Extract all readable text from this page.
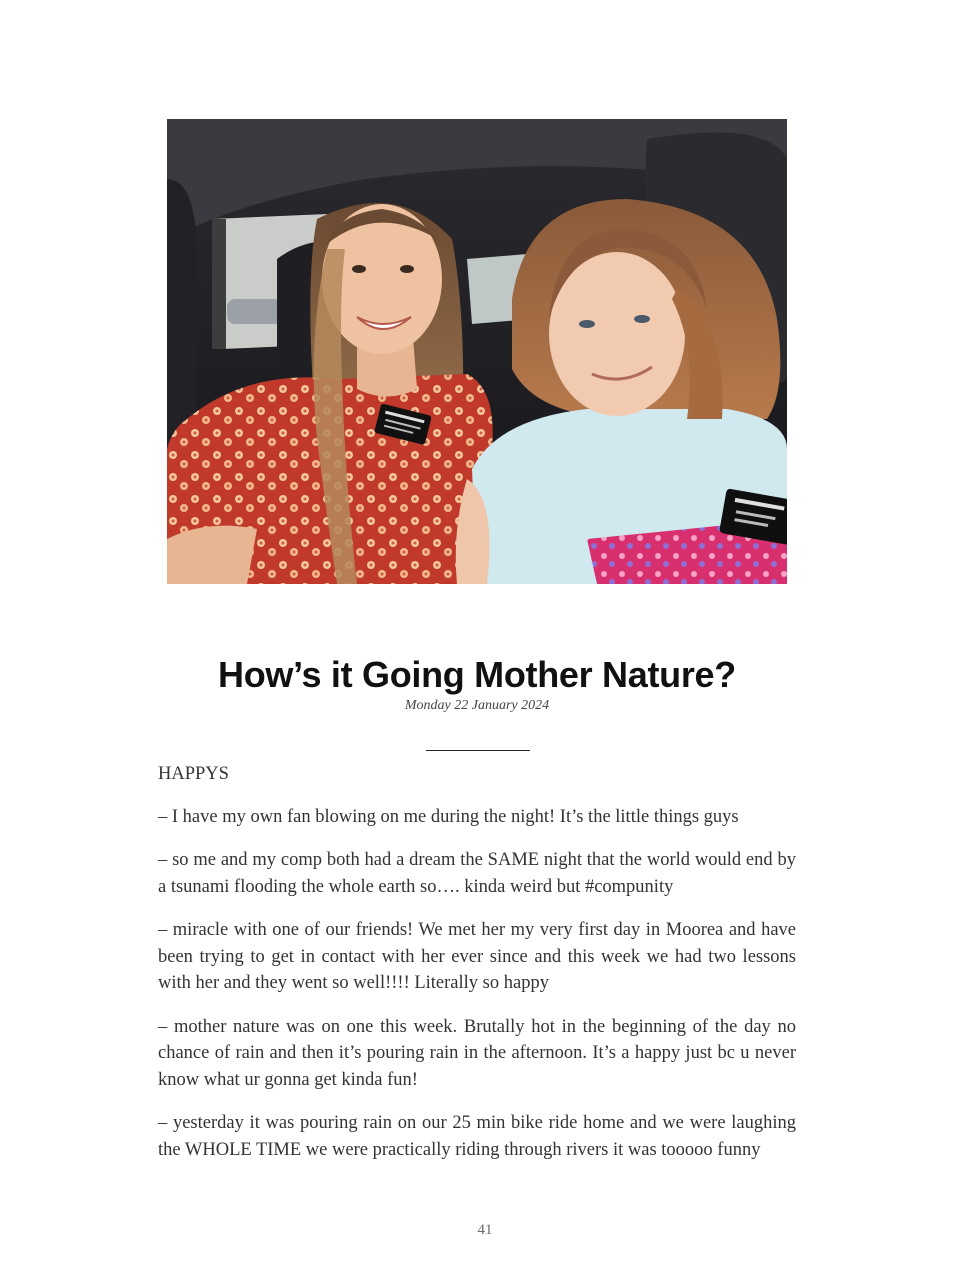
How’s it Going Mother Nature?
Monday 22 January 2024

HAPPYS

– I have my own fan blowing on me during the night! It’s the little things guys

– so me and my comp both had a dream the SAME night that the world would end by a tsunami flooding the whole earth so…. kinda weird but #compunity

– miracle with one of our friends! We met her my very first day in Moorea and have been trying to get in contact with her ever since and this week we had two lessons with her and they went so well!!!! Literally so happy

– mother nature was on one this week. Brutally hot in the beginning of the day no chance of rain and then it’s pouring rain in the afternoon. It’s a happy just bc u never know what ur gonna get kinda fun!

– yesterday it was pouring rain on our 25 min bike ride home and we were laughing the WHOLE TIME we were practically riding through rivers it was tooooo funny

41
